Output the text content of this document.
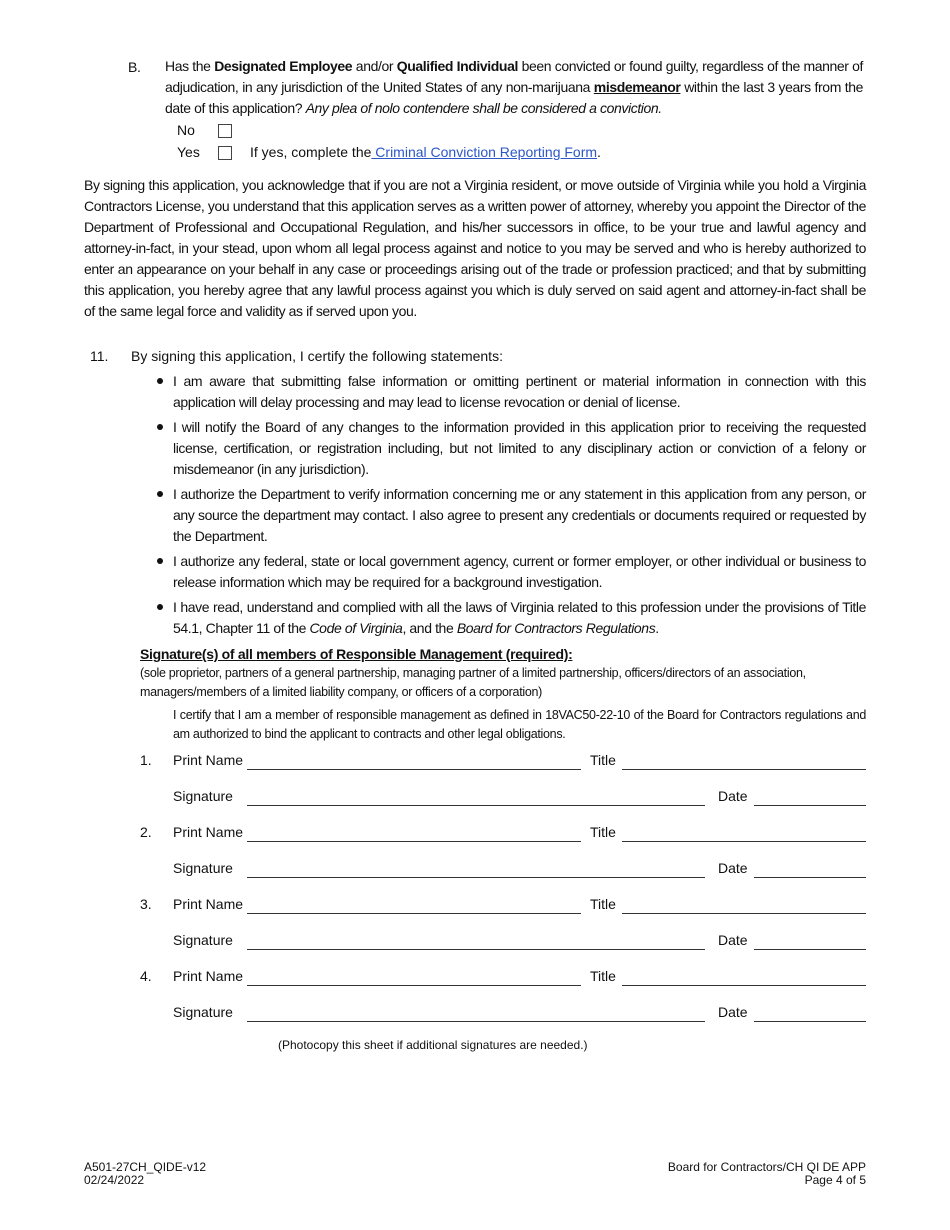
B. Has the Designated Employee and/or Qualified Individual been convicted or found guilty, regardless of the manner of adjudication, in any jurisdiction of the United States of any non-marijuana misdemeanor within the last 3 years from the date of this application? Any plea of nolo contendere shall be considered a conviction.
No
Yes	If yes, complete the Criminal Conviction Reporting Form.
By signing this application, you acknowledge that if you are not a Virginia resident, or move outside of Virginia while you hold a Virginia Contractors License, you understand that this application serves as a written power of attorney, whereby you appoint the Director of the Department of Professional and Occupational Regulation, and his/her successors in office, to be your true and lawful agency and attorney-in-fact, in your stead, upon whom all legal process against and notice to you may be served and who is hereby authorized to enter an appearance on your behalf in any case or proceedings arising out of the trade or profession practiced; and that by submitting this application, you hereby agree that any lawful process against you which is duly served on said agent and attorney-in-fact shall be of the same legal force and validity as if served upon you.
11. By signing this application, I certify the following statements:
I am aware that submitting false information or omitting pertinent or material information in connection with this application will delay processing and may lead to license revocation or denial of license.
I will notify the Board of any changes to the information provided in this application prior to receiving the requested license, certification, or registration including, but not limited to any disciplinary action or conviction of a felony or misdemeanor (in any jurisdiction).
I authorize the Department to verify information concerning me or any statement in this application from any person, or any source the department may contact. I also agree to present any credentials or documents required or requested by the Department.
I authorize any federal, state or local government agency, current or former employer, or other individual or business to release information which may be required for a background investigation.
I have read, understand and complied with all the laws of Virginia related to this profession under the provisions of Title 54.1, Chapter 11 of the Code of Virginia, and the Board for Contractors Regulations.
Signature(s) of all members of Responsible Management (required):
(sole proprietor, partners of a general partnership, managing partner of a limited partnership, officers/directors of an association, managers/members of a limited liability company, or officers of a corporation)
I certify that I am a member of responsible management as defined in 18VAC50-22-10 of the Board for Contractors regulations and am authorized to bind the applicant to contracts and other legal obligations.
1. Print Name	Title
Signature	Date
2. Print Name	Title
Signature	Date
3. Print Name	Title
Signature	Date
4. Print Name	Title
Signature	Date
(Photocopy this sheet if additional signatures are needed.)
A501-27CH_QIDE-v12
02/24/2022
Board for Contractors/CH QI DE APP
Page 4 of 5
